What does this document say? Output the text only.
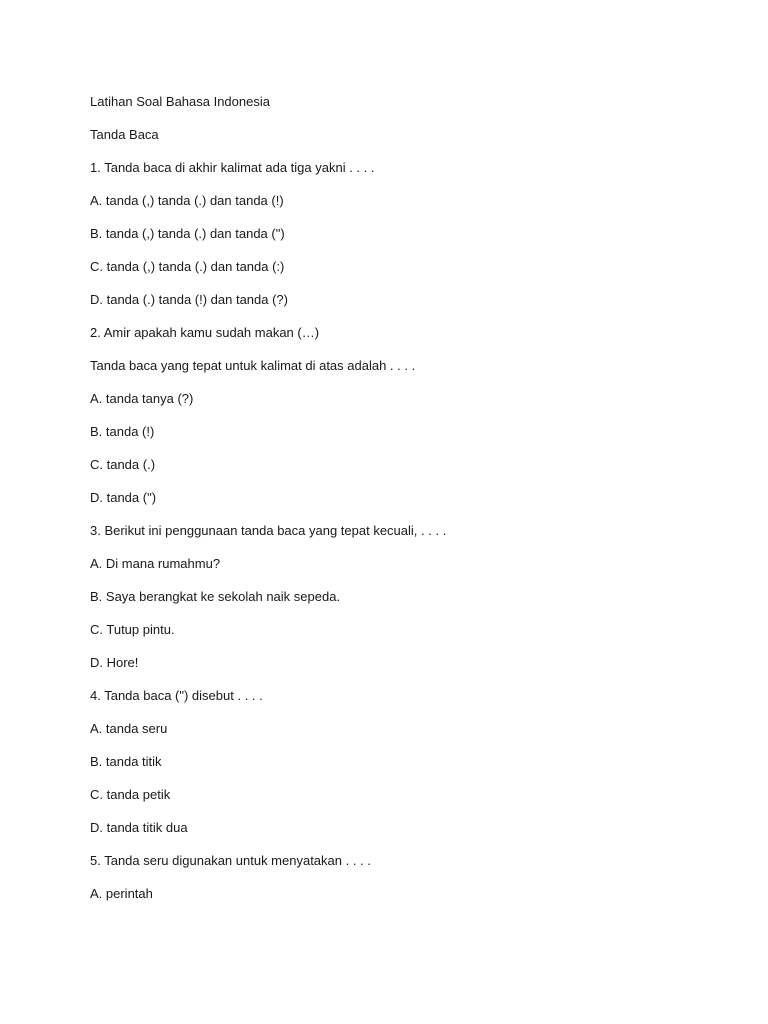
Latihan Soal Bahasa Indonesia
Tanda Baca
1. Tanda baca di akhir kalimat ada tiga yakni . . . .
A. tanda (,) tanda (.) dan tanda (!)
B. tanda (,) tanda (.) dan tanda (")
C. tanda (,) tanda (.) dan tanda (:)
D. tanda (.) tanda (!) dan tanda (?)
2. Amir apakah kamu sudah makan (…)
Tanda baca yang tepat untuk kalimat di atas adalah . . . .
A. tanda tanya (?)
B. tanda (!)
C. tanda (.)
D. tanda (")
3. Berikut ini penggunaan tanda baca yang tepat kecuali, . . . .
A. Di mana rumahmu?
B. Saya berangkat ke sekolah naik sepeda.
C. Tutup pintu.
D. Hore!
4. Tanda baca (") disebut . . . .
A. tanda seru
B. tanda titik
C. tanda petik
D. tanda titik dua
5. Tanda seru digunakan untuk menyatakan . . . .
A. perintah
